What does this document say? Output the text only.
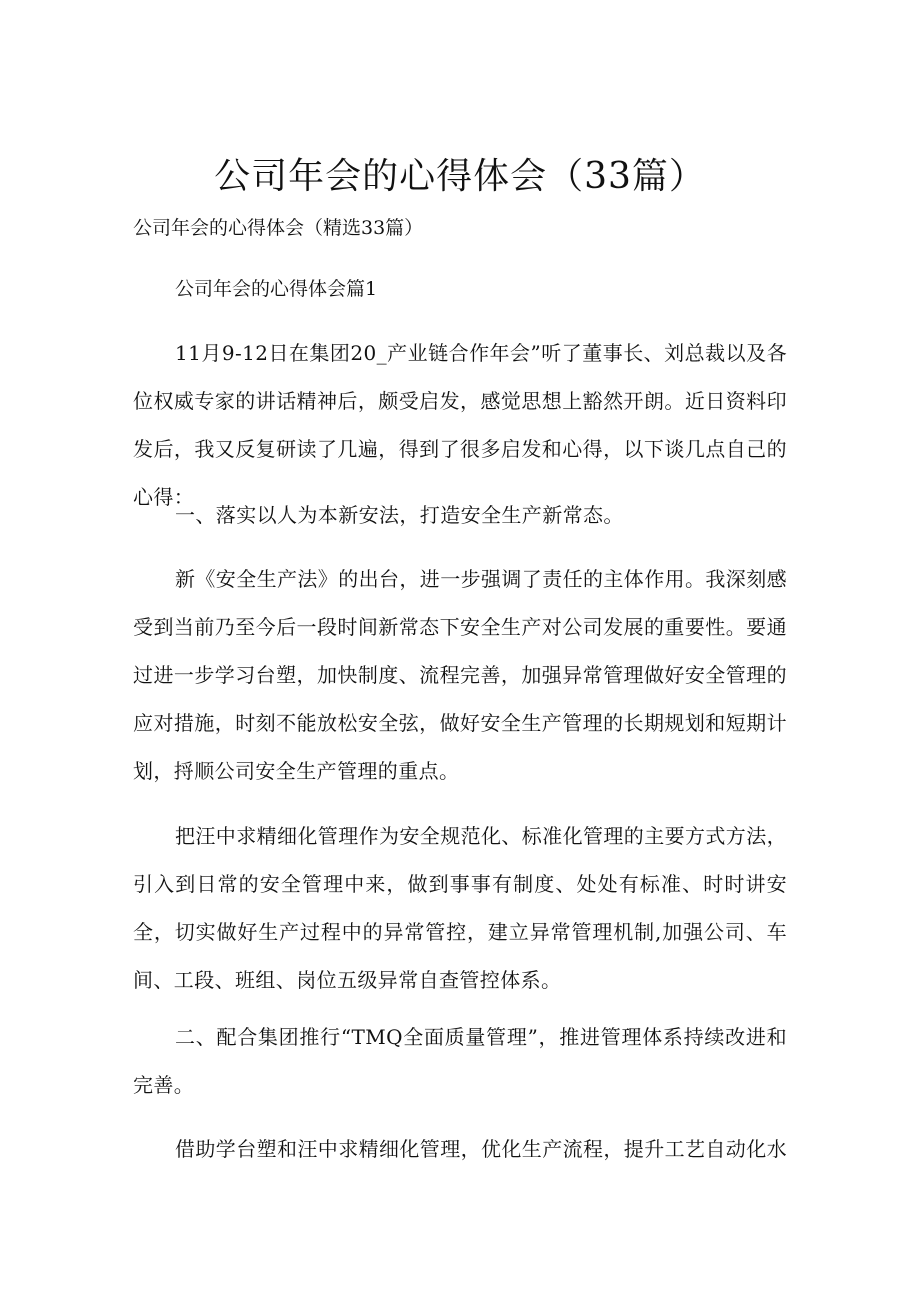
公司年会的心得体会（33篇）

公司年会的心得体会（精选33篇）

公司年会的心得体会篇1

11月9-12日在集团20_产业链合作年会”听了董事长、刘总裁以及各位权威专家的讲话精神后，颇受启发，感觉思想上豁然开朗。近日资料印发后，我又反复研读了几遍，得到了很多启发和心得，以下谈几点自己的心得：

一、落实以人为本新安法，打造安全生产新常态。

新《安全生产法》的出台，进一步强调了责任的主体作用。我深刻感受到当前乃至今后一段时间新常态下安全生产对公司发展的重要性。要通过进一步学习台塑，加快制度、流程完善，加强异常管理做好安全管理的应对措施，时刻不能放松安全弦，做好安全生产管理的长期规划和短期计划，捋顺公司安全生产管理的重点。

把汪中求精细化管理作为安全规范化、标准化管理的主要方式方法，引入到日常的安全管理中来，做到事事有制度、处处有标准、时时讲安全，切实做好生产过程中的异常管控，建立异常管理机制,加强公司、车间、工段、班组、岗位五级异常自查管控体系。

二、配合集团推行“TMQ全面质量管理”，推进管理体系持续改进和完善。

借助学台塑和汪中求精细化管理，优化生产流程，提升工艺自动化水
